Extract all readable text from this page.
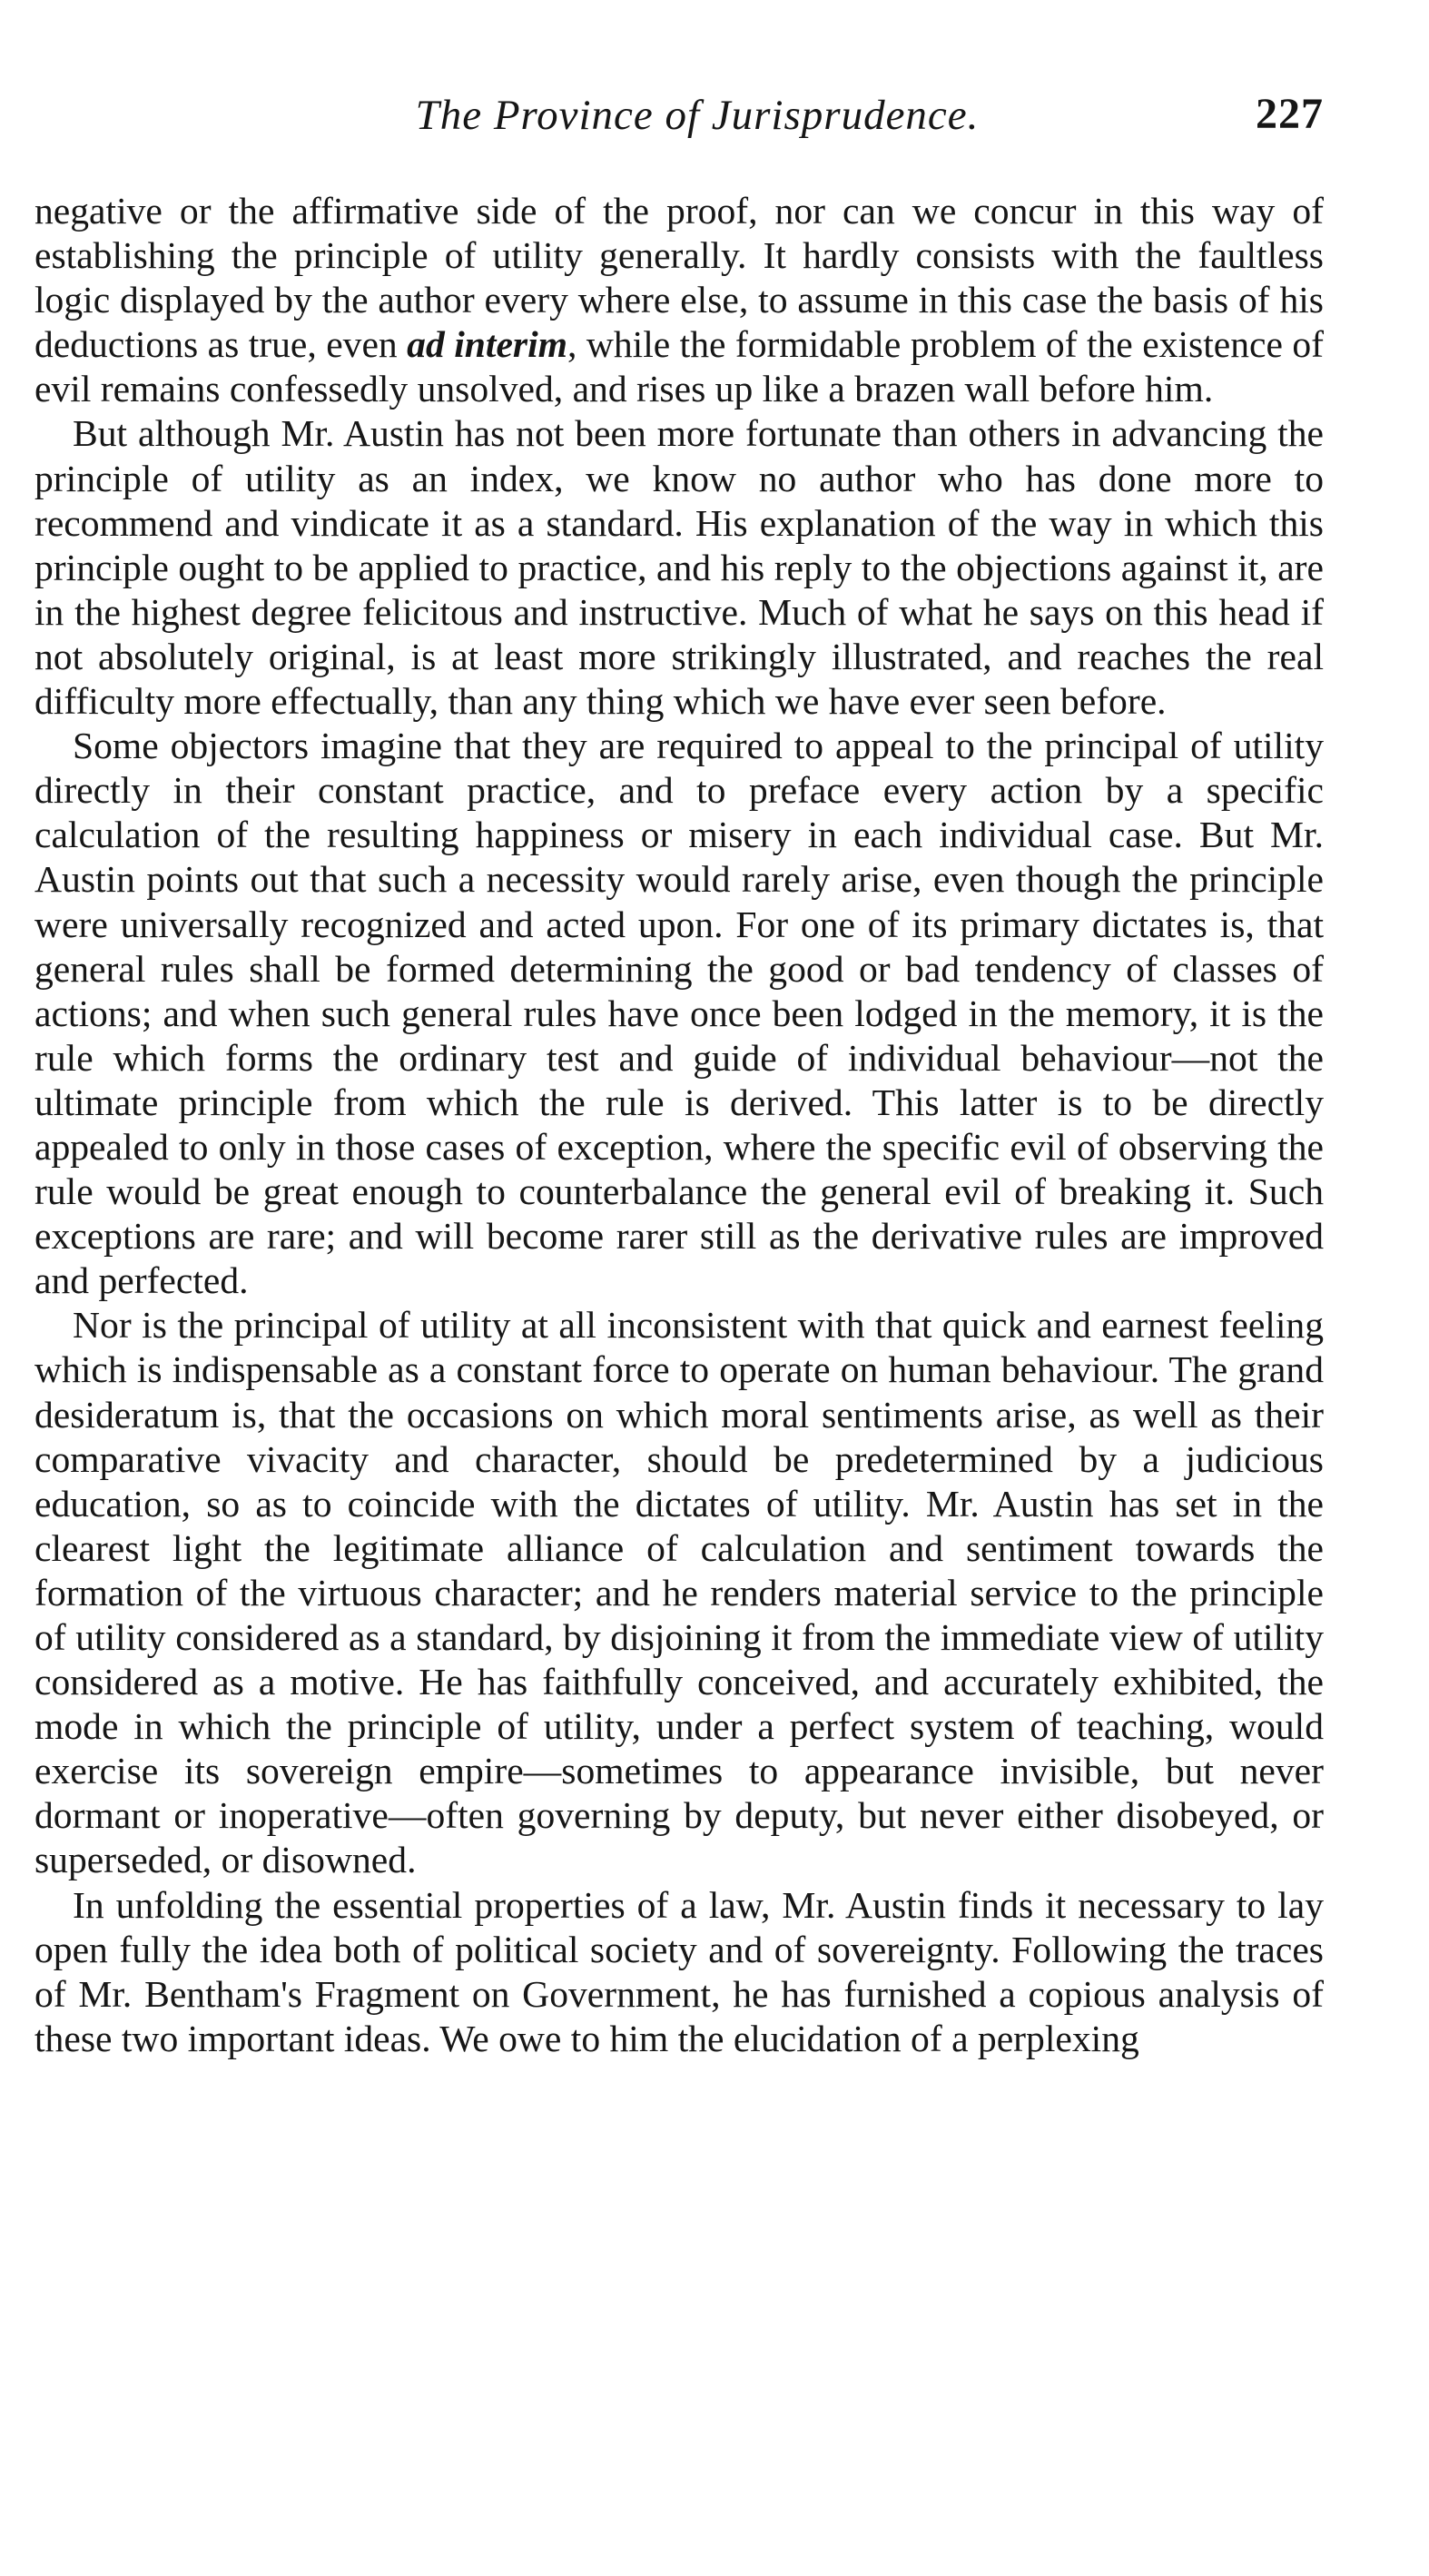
The Province of Jurisprudence.	227

negative or the affirmative side of the proof, nor can we concur in this way of establishing the principle of utility generally. It hardly consists with the faultless logic displayed by the author every where else, to assume in this case the basis of his deductions as true, even ad interim, while the formidable problem of the existence of evil remains confessedly unsolved, and rises up like a brazen wall before him.

But although Mr. Austin has not been more fortunate than others in advancing the principle of utility as an index, we know no author who has done more to recommend and vindicate it as a standard. His explanation of the way in which this principle ought to be applied to practice, and his reply to the objections against it, are in the highest degree felicitous and instructive. Much of what he says on this head if not absolutely original, is at least more strikingly illustrated, and reaches the real difficulty more effectually, than any thing which we have ever seen before.

Some objectors imagine that they are required to appeal to the principal of utility directly in their constant practice, and to preface every action by a specific calculation of the resulting happiness or misery in each individual case. But Mr. Austin points out that such a necessity would rarely arise, even though the principle were universally recognized and acted upon. For one of its primary dictates is, that general rules shall be formed determining the good or bad tendency of classes of actions; and when such general rules have once been lodged in the memory, it is the rule which forms the ordinary test and guide of individual behaviour—not the ultimate principle from which the rule is derived. This latter is to be directly appealed to only in those cases of exception, where the specific evil of observing the rule would be great enough to counterbalance the general evil of breaking it. Such exceptions are rare; and will become rarer still as the derivative rules are improved and perfected.

Nor is the principal of utility at all inconsistent with that quick and earnest feeling which is indispensable as a constant force to operate on human behaviour. The grand desideratum is, that the occasions on which moral sentiments arise, as well as their comparative vivacity and character, should be predetermined by a judicious education, so as to coincide with the dictates of utility. Mr. Austin has set in the clearest light the legitimate alliance of calculation and sentiment towards the formation of the virtuous character; and he renders material service to the principle of utility considered as a standard, by disjoining it from the immediate view of utility considered as a motive. He has faithfully conceived, and accurately exhibited, the mode in which the principle of utility, under a perfect system of teaching, would exercise its sovereign empire—sometimes to appearance invisible, but never dormant or inoperative—often governing by deputy, but never either disobeyed, or superseded, or disowned.

In unfolding the essential properties of a law, Mr. Austin finds it necessary to lay open fully the idea both of political society and of sovereignty. Following the traces of Mr. Bentham's Fragment on Government, he has furnished a copious analysis of these two important ideas. We owe to him the elucidation of a perplexing
